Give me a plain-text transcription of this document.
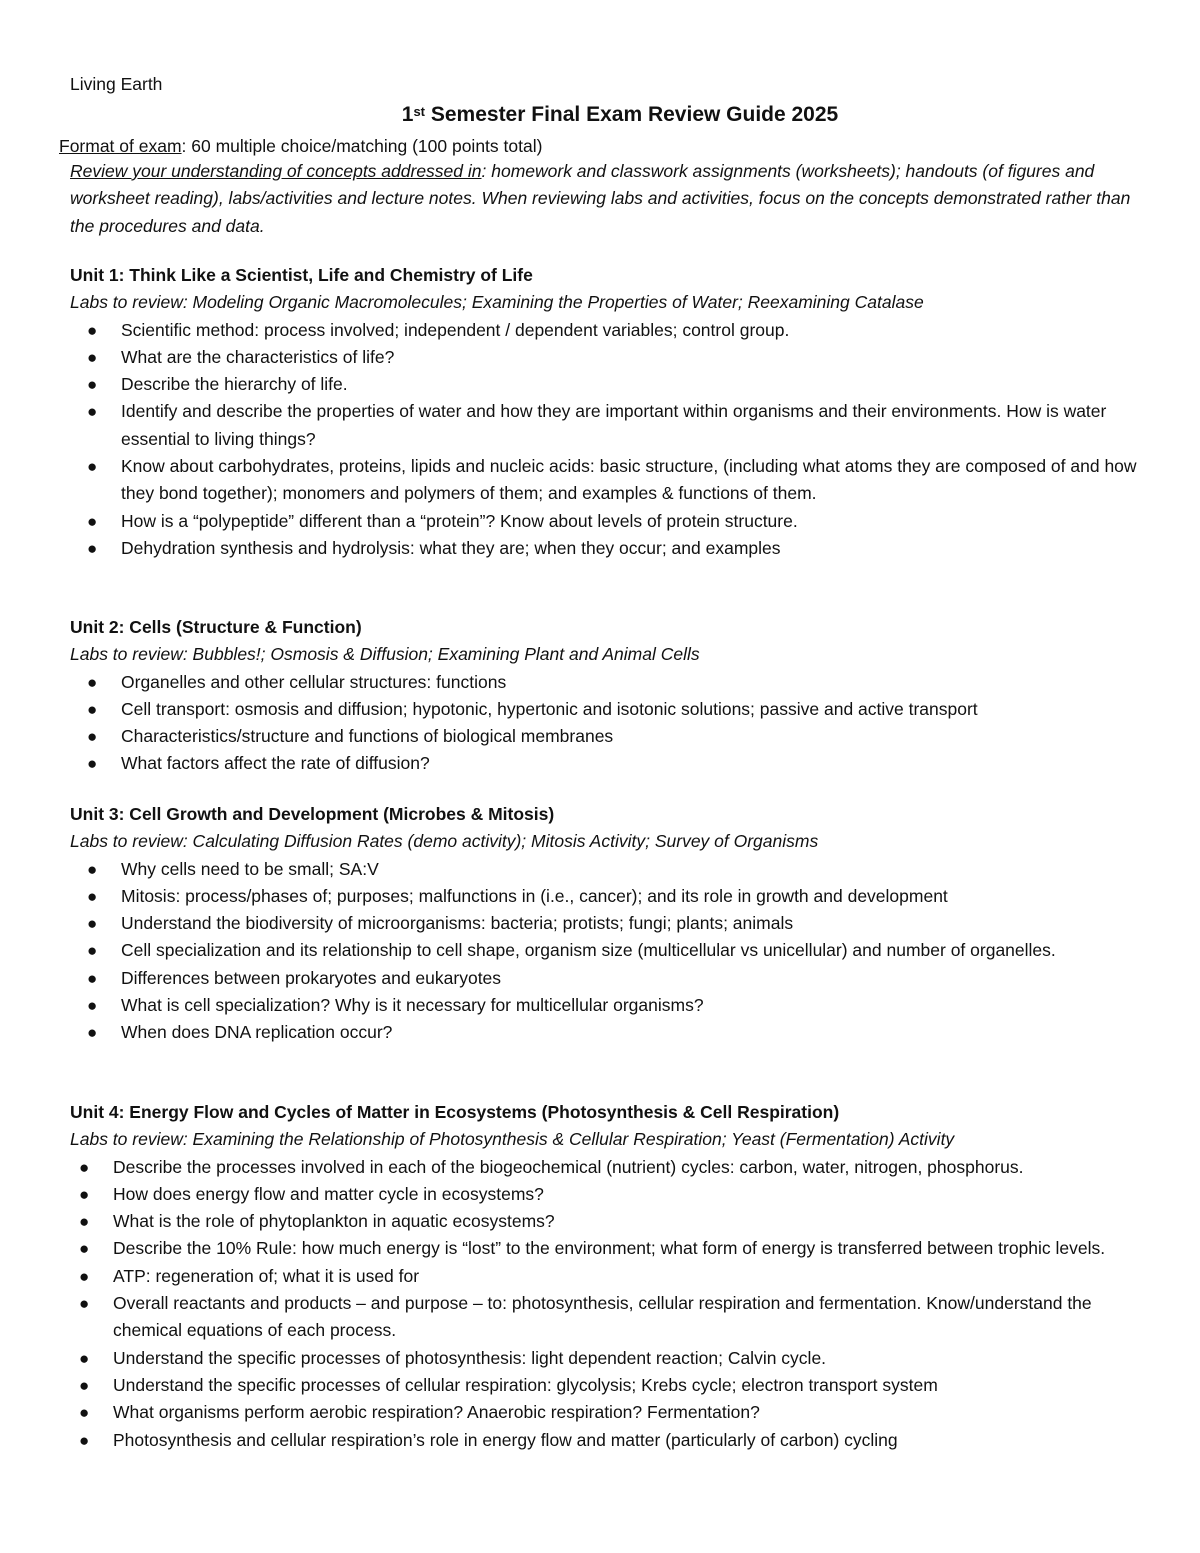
Living Earth
1st Semester Final Exam Review Guide 2025
Format of exam: 60 multiple choice/matching (100 points total)
Review your understanding of concepts addressed in: homework and classwork assignments (worksheets); handouts (of figures and worksheet reading), labs/activities and lecture notes. When reviewing labs and activities, focus on the concepts demonstrated rather than the procedures and data.
Unit 1: Think Like a Scientist, Life and Chemistry of Life
Labs to review: Modeling Organic Macromolecules; Examining the Properties of Water; Reexamining Catalase
● Scientific method: process involved; independent / dependent variables; control group.
● What are the characteristics of life?
● Describe the hierarchy of life.
● Identify and describe the properties of water and how they are important within organisms and their environments. How is water essential to living things?
● Know about carbohydrates, proteins, lipids and nucleic acids: basic structure, (including what atoms they are composed of and how they bond together); monomers and polymers of them; and examples & functions of them.
● How is a “polypeptide” different than a “protein”? Know about levels of protein structure.
● Dehydration synthesis and hydrolysis: what they are; when they occur; and examples
Unit 2: Cells (Structure & Function)
Labs to review: Bubbles!; Osmosis & Diffusion; Examining Plant and Animal Cells
● Organelles and other cellular structures: functions
● Cell transport: osmosis and diffusion; hypotonic, hypertonic and isotonic solutions; passive and active transport
● Characteristics/structure and functions of biological membranes
● What factors affect the rate of diffusion?
Unit 3: Cell Growth and Development (Microbes & Mitosis)
Labs to review: Calculating Diffusion Rates (demo activity); Mitosis Activity; Survey of Organisms
● Why cells need to be small; SA:V
● Mitosis: process/phases of; purposes; malfunctions in (i.e., cancer); and its role in growth and development
● Understand the biodiversity of microorganisms: bacteria; protists; fungi; plants; animals
● Cell specialization and its relationship to cell shape, organism size (multicellular vs unicellular) and number of organelles.
● Differences between prokaryotes and eukaryotes
● What is cell specialization? Why is it necessary for multicellular organisms?
● When does DNA replication occur?
Unit 4: Energy Flow and Cycles of Matter in Ecosystems (Photosynthesis & Cell Respiration)
Labs to review: Examining the Relationship of Photosynthesis & Cellular Respiration; Yeast (Fermentation) Activity
● Describe the processes involved in each of the biogeochemical (nutrient) cycles: carbon, water, nitrogen, phosphorus.
● How does energy flow and matter cycle in ecosystems?
● What is the role of phytoplankton in aquatic ecosystems?
● Describe the 10% Rule: how much energy is “lost” to the environment; what form of energy is transferred between trophic levels.
● ATP: regeneration of; what it is used for
● Overall reactants and products – and purpose – to: photosynthesis, cellular respiration and fermentation. Know/understand the chemical equations of each process.
● Understand the specific processes of photosynthesis: light dependent reaction; Calvin cycle.
● Understand the specific processes of cellular respiration: glycolysis; Krebs cycle; electron transport system
● What organisms perform aerobic respiration? Anaerobic respiration? Fermentation?
● Photosynthesis and cellular respiration’s role in energy flow and matter (particularly of carbon) cycling
